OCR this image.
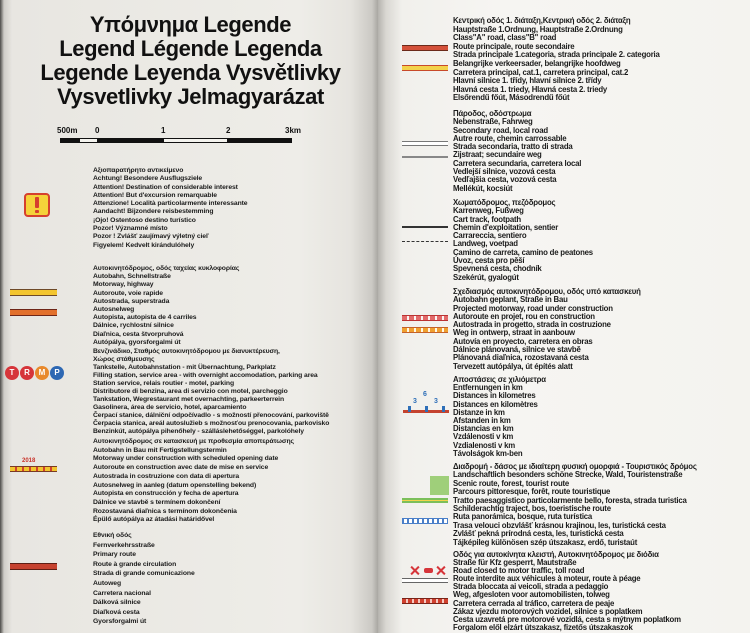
Υπόμνημα Legende
Legend Légende Legenda
Legende Leyenda Vysvětlivky
Vysvetlivky Jelmagyarázat
500m 0	1	2	3km
Αξιοπαρατήρητο αντικείμενο
Achtung! Besondere Ausflugsziele
Attention! Destination of considerable interest
Attention! But d'excursion remarquable
Attenzione! Località particolarmente interessante
Aandacht! Bijzondere reisbestemming
¡Ojo! Ostentoso destino turístico
Pozor! Významné místo
Pozor ! Zvlášť zaujímavý výletný cieľ
Figyelem! Kedvelt kirándulóhely
Αυτοκινητόδρομος, οδός ταχείας κυκλοφορίας
Autobahn, Schnellstraße
Motorway, highway
Autoroute, voie rapide
Autostrada, superstrada
Autosnelweg
Autopista, autopista de 4 carriles
Dálnice, rychlostní silnice
Diaľnica, cesta štvorpruhová
Autópálya, gyorsforgalmi út
Βενζινάδικο, Σταθμός αυτοκινητόδρομου με διανυκτέρευση,
Χώρος στάθμευσης
Tankstelle, Autobahnstation - mit Übernachtung, Parkplatz
Filling station, service area - with overnight accomodation, parking area
Station service, relais routier - motel, parking
Distributore di benzina, area di servizio con motel, parcheggio
Tankstation, Wegrestaurant met overnachting, parkeerterrein
Gasolinera, área de servicio, hotel, aparcamiento
Čerpací stanice, dálniční odpočívadlo - s možností přenocování, parkoviště
Čerpacia stanica, areál autoslužieb s možnosťou prenocovania, parkovisko
Benzinkút, autópálya pihenőhely - szálláslehetőséggel, parkolóhely
Αυτοκινητόδρομος σε κατασκευή με προθεσμία αποπεράτωσης
Autobahn in Bau mit Fertigstellungstermin
Motorway under construction with scheduled opening date
Autoroute en construction avec date de mise en service
Autostrada in costruzione con data di apertura
Autosnelweg in aanleg (datum openstelling bekend)
Autopista en construcción y fecha de apertura
Dálnice ve stavbě s termínem dokončení
Rozostavaná diaľnica s termínom dokončenia
Épülő autópálya az átadási határidővel
Εθνική οδός
Fernverkehrsstraße
Primary route
Route à grande circulation
Strada di grande comunicazione
Autoweg
Carretera nacional
Dálková silnice
Diaľková cesta
Gyorsforgalmi út
T	R	M	P
2018
Κεντρική οδός 1. διάταξη,Κεντρική οδός 2. διάταξη
Hauptstraße 1.Ordnung, Hauptstraße 2.Ordnung
Class"A" road, class"B" road
Route principale, route secondaire
Strada principale 1.categoria, strada principale 2. categoria
Belangrijke verkeersader, belangrijke hoofdweg
Carretera principal, cat.1, carretera principal, cat.2
Hlavní silnice 1. třídy, hlavní silnice 2. třídy
Hlavná cesta 1. triedy, Hlavná cesta 2. triedy
Elsőrendű főút, Másodrendű főút
Πάροδος, οδόστρωμα
Nebenstraße, Fahrweg
Secondary road, local road
Autre route, chemin carrossable
Strada secondaria, tratto di strada
Zijstraat; secundaire weg
Carretera secundaria, carretera local
Vedlejší silnice, vozová cesta
Vedľajšia cesta, vozová cesta
Mellékút, kocsiút
Χωματόδρομος, πεζόδρομος
Karrenweg, Fußweg
Cart track, footpath
Chemin d'exploitation, sentier
Carrareccia, sentiero
Landweg, voetpad
Camino de carreta, camino de peatones
Úvoz, cesta pro pěší
Spevnená cesta, chodník
Szekérút, gyalogút
Σχεδιασμός αυτοκινητόδρομου, οδός υπό κατασκευή
Autobahn geplant, Straße in Bau
Projected motorway, road under construction
Autoroute en projet, rou en construction
Autostrada in progetto, strada in costruzione
Weg in ontwerp, straat in aanbouw
Autovía en proyecto, carretera en obras
Dálnice plánovaná, silnice ve stavbě
Plánovaná diaľnica, rozostavaná cesta
Tervezett autópálya, út építés alatt
Αποστάσεις σε χιλιόμετρα
Entfernungen in km
Distances in kilometres
Distances en kilomètres
Distanze in km
Afstanden in km
Distancias en km
Vzdálenosti v km
Vzdialenosti v km
Távolságok km-ben
Διαδρομή - δάσος με ιδιαίτερη φυσική ομορφιά - Τουριστικός δρόμος
Landschaftlich besonders schöne Strecke, Wald, Touristenstraße
Scenic route, forest, tourist route
Parcours pittoresque, forêt, route touristique
Tratto paesaggistico particolarmente bello, foresta, strada turistica
Schilderachtig traject, bos, toeristische route
Ruta panorámica, bosque, ruta turística
Trasa velouci obzvlášť krásnou krajinou, les, turistická cesta
Zvlášť pekná prírodná cesta, les, turistická cesta
Tájképileg különösen szép útszakasz, erdő, turistaút
Οδός για αυτοκίνητα κλειστή, Αυτοκινητόδρομος με διόδια
Straße für Kfz gesperrt, Mautstraße
Road closed to motor traffic, toll road
Route interdite aux véhicules à moteur, route à péage
Strada bloccata ai veicoli, strada a pedaggio
Weg, afgesloten voor automobilisten, tolweg
Carretera cerrada al tráfico, carretera de peaje
Zákaz vjezdu motorových vozidel, silnice s poplatkem
Cesta uzavretá pre motorové vozidlá, cesta s mýtnym poplatkom
Forgalom elől elzárt útszakasz, fizetős útszakaszok
6
3 3
